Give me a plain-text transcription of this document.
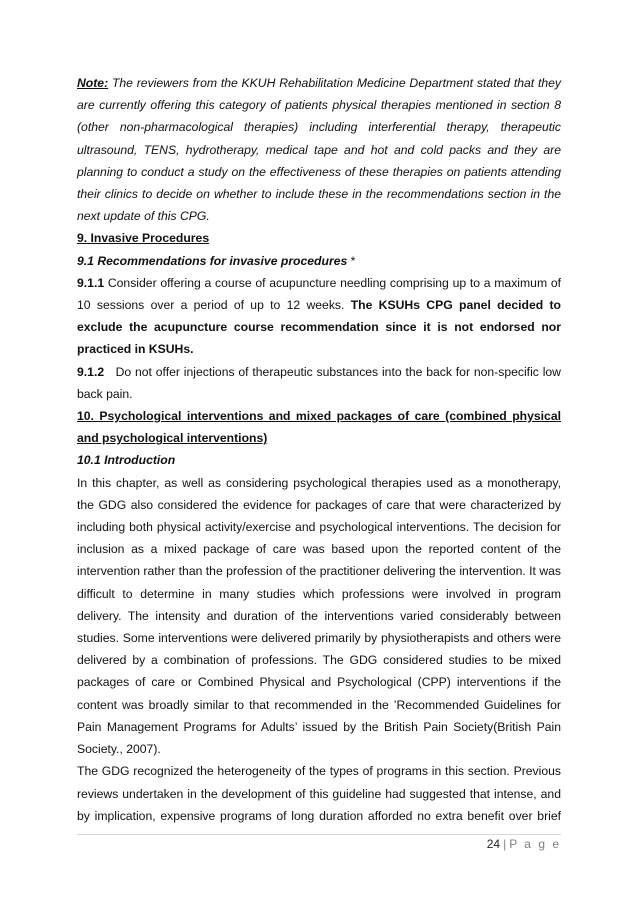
Note: The reviewers from the KKUH Rehabilitation Medicine Department stated that they are currently offering this category of patients physical therapies mentioned in section 8 (other non-pharmacological therapies) including interferential therapy, therapeutic ultrasound, TENS, hydrotherapy, medical tape and hot and cold packs and they are planning to conduct a study on the effectiveness of these therapies on patients attending their clinics to decide on whether to include these in the recommendations section in the next update of this CPG.

9. Invasive Procedures

9.1 Recommendations for invasive procedures *

9.1.1 Consider offering a course of acupuncture needling comprising up to a maximum of 10 sessions over a period of up to 12 weeks. The KSUHs CPG panel decided to exclude the acupuncture course recommendation since it is not endorsed nor practiced in KSUHs.

9.1.2   Do not offer injections of therapeutic substances into the back for non-specific low back pain.

10. Psychological interventions and mixed packages of care (combined physical and psychological interventions)

10.1 Introduction

In this chapter, as well as considering psychological therapies used as a monotherapy, the GDG also considered the evidence for packages of care that were characterized by including both physical activity/exercise and psychological interventions. The decision for inclusion as a mixed package of care was based upon the reported content of the intervention rather than the profession of the practitioner delivering the intervention. It was difficult to determine in many studies which professions were involved in program delivery. The intensity and duration of the interventions varied considerably between studies. Some interventions were delivered primarily by physiotherapists and others were delivered by a combination of professions. The GDG considered studies to be mixed packages of care or Combined Physical and Psychological (CPP) interventions if the content was broadly similar to that recommended in the ’Recommended Guidelines for Pain Management Programs for Adults’ issued by the British Pain Society(British Pain Society., 2007).

The GDG recognized the heterogeneity of the types of programs in this section. Previous reviews undertaken in the development of this guideline had suggested that intense, and by implication, expensive programs of long duration afforded no extra benefit over brief

24 | P a g e
